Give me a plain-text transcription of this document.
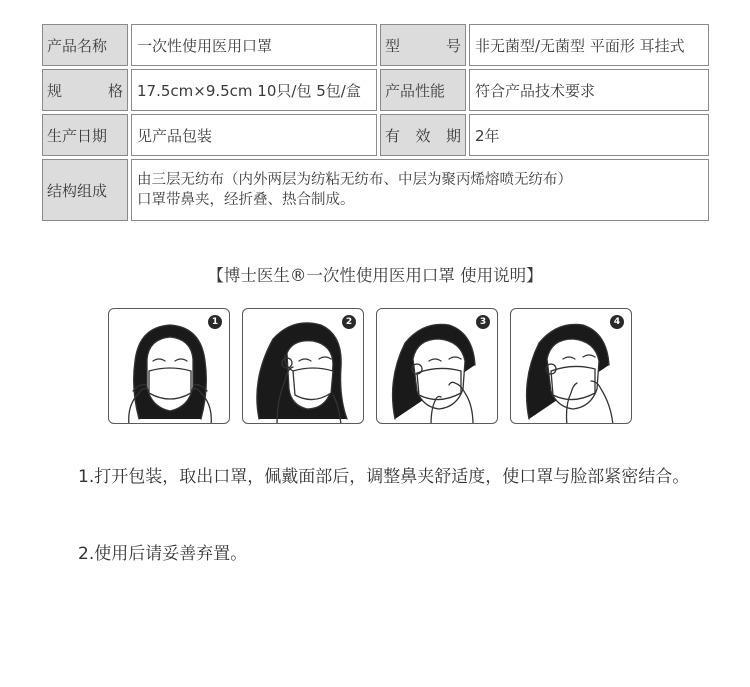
产品名称	一次性使用医用口罩	型 号	非无菌型/无菌型 平面形 耳挂式

规 格	17.5cm×9.5cm 10只/包 5包/盒	产品性能	符合产品技术要求
生产日期	见产品包装	有 效 期	2年
结构组成	由三层无纺布（内外两层为纺粘无纺布、中层为聚丙烯熔喷无纺布）
口罩带鼻夹，经折叠、热合制成。		
【博士医生®一次性使用医用口罩 使用说明】
1	2	3	4
1.打开包装，取出口罩，佩戴面部后，调整鼻夹舒适度，使口罩与脸部紧密结合。
2.使用后请妥善弃置。
